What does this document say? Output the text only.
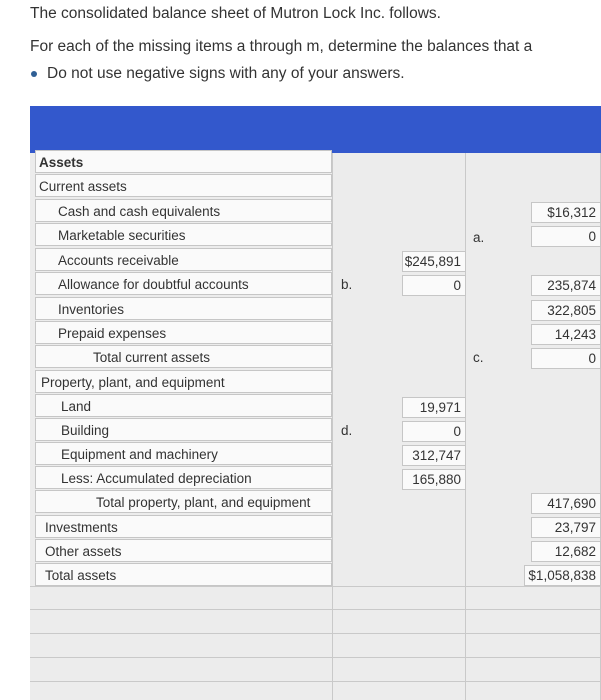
The consolidated balance sheet of Mutron Lock Inc. follows.
For each of the missing items a through m, determine the balances that a
Do not use negative signs with any of your answers.
Assets
Current assets
Cash and cash equivalents
Marketable securities
Accounts receivable
Allowance for doubtful accounts
Inventories
Prepaid expenses
Total current assets
Property, plant, and equipment
Land
Building
Equipment and machinery
Less: Accumulated depreciation
Total property, plant, and equipment
Investments
Other assets
Total assets
a.
b.
c.
d.
$245,891
0
19,971
0
312,747
165,880
$16,312
0
235,874
322,805
14,243
0
417,690
23,797
12,682
$1,058,838
